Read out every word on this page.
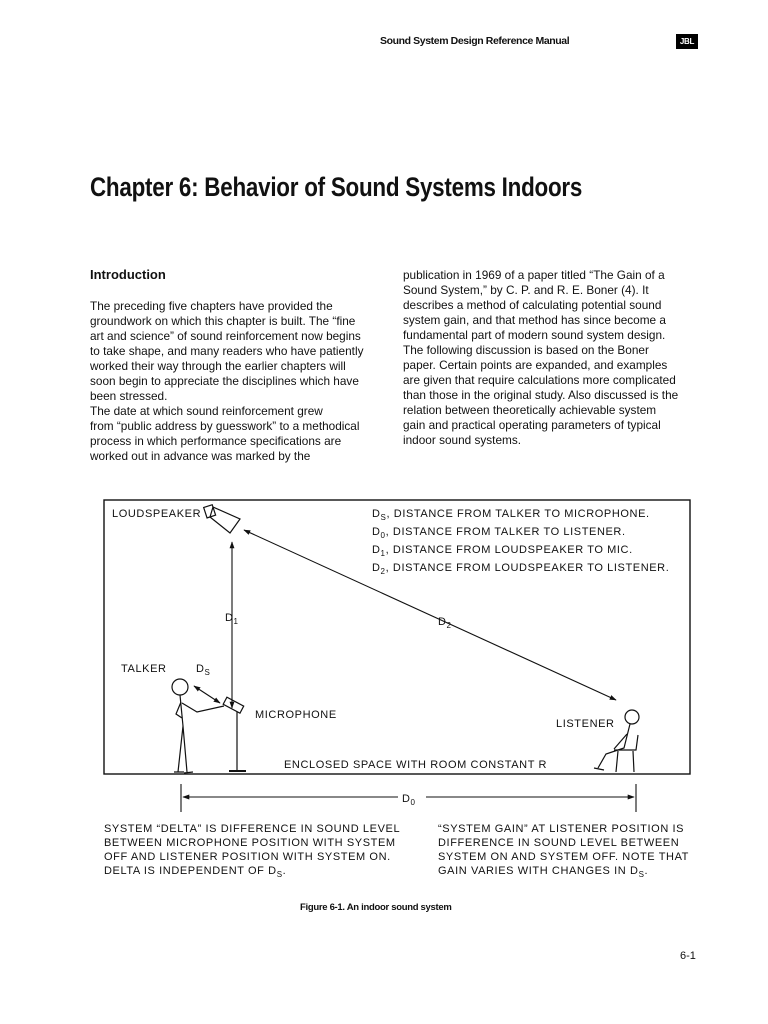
Sound System Design Reference Manual	JBL
Chapter 6: Behavior of Sound Systems Indoors
Introduction
The preceding five chapters have provided the
groundwork on which this chapter is built. The “fine
art and science” of sound reinforcement now begins
to take shape, and many readers who have patiently
worked their way through the earlier chapters will
soon begin to appreciate the disciplines which have
been stressed.
The date at which sound reinforcement grew
from “public address by guesswork” to a methodical
process in which performance specifications are
worked out in advance was marked by the
publication in 1969 of a paper titled “The Gain of a
Sound System,” by C. P. and R. E. Boner (4). It
describes a method of calculating potential sound
system gain, and that method has since become a
fundamental part of modern sound system design.
The following discussion is based on the Boner
paper. Certain points are expanded, and examples
are given that require calculations more complicated
than those in the original study. Also discussed is the
relation between theoretically achievable system
gain and practical operating parameters of typical
indoor sound systems.
LOUDSPEAKER
TALKER
MICROPHONE
LISTENER
ENCLOSED SPACE WITH ROOM CONSTANT R
$D_1$	$D_2$
$D_S$
$D_0$
$D_S$, DISTANCE FROM TALKER TO MICROPHONE.
$D_0$, DISTANCE FROM TALKER TO LISTENER.
$D_1$, DISTANCE FROM LOUDSPEAKER TO MIC.
$D_2$, DISTANCE FROM LOUDSPEAKER TO LISTENER.
SYSTEM “DELTA” IS DIFFERENCE IN SOUND LEVEL
BETWEEN MICROPHONE POSITION WITH SYSTEM
OFF AND LISTENER POSITION WITH SYSTEM ON.
DELTA IS INDEPENDENT OF $D_S$.
“SYSTEM GAIN” AT LISTENER POSITION IS
DIFFERENCE IN SOUND LEVEL BETWEEN
SYSTEM ON AND SYSTEM OFF. NOTE THAT
GAIN VARIES WITH CHANGES IN $D_S$.
Figure 6-1. An indoor sound system
6-1
